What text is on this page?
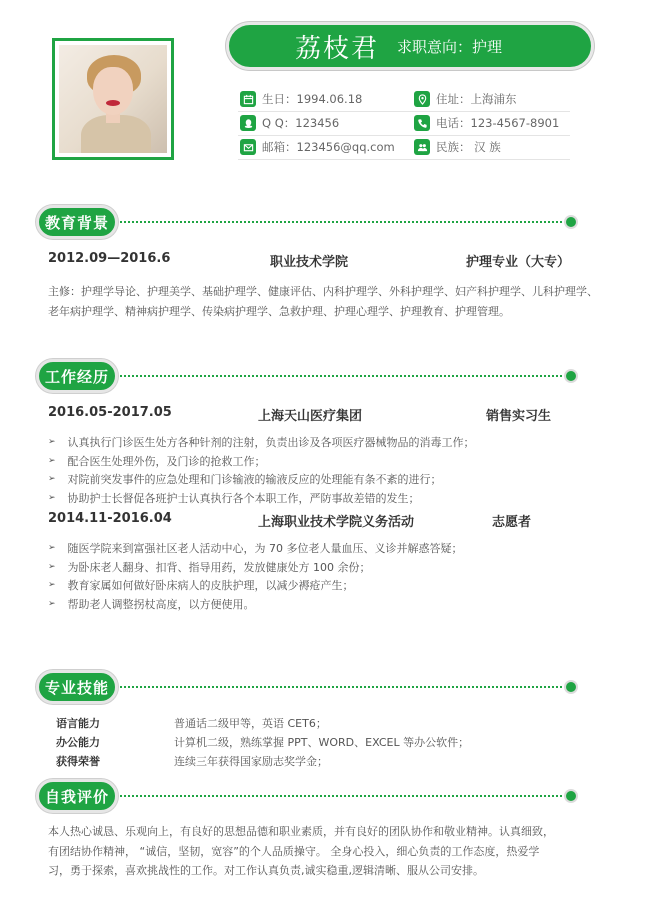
荔枝君 求职意向：护理
生日：1994.06.18	住址：上海浦东
Q Q：123456	电话：123-4567-8901
邮箱：123456@qq.com	民族： 汉 族
教育背景
2012.09—2016.6	职业技术学院	护理专业（大专）
主修：护理学导论、护理美学、基础护理学、健康评估、内科护理学、外科护理学、妇产科护理学、儿科护理学、
老年病护理学、精神病护理学、传染病护理学、急救护理、护理心理学、护理教育、护理管理。
工作经历
2016.05-2017.05	上海天山医疗集团	销售实习生
➢ 认真执行门诊医生处方各种针剂的注射，负责出诊及各项医疗器械物品的消毒工作；
➢ 配合医生处理外伤，及门诊的抢救工作；
➢ 对院前突发事件的应急处理和门诊输液的输液反应的处理能有条不紊的进行；
➢ 协助护士长督促各班护士认真执行各个本职工作，严防事故差错的发生；
2014.11-2016.04	上海职业技术学院义务活动	志愿者
➢ 随医学院来到富强社区老人活动中心，为 70 多位老人量血压、义诊并解惑答疑；
➢ 为卧床老人翻身、扣背、指导用药，发放健康处方 100 余份；
➢ 教育家属如何做好卧床病人的皮肤护理，以减少褥疮产生；
➢ 帮助老人调整拐杖高度，以方便使用。
专业技能
语言能力	普通话二级甲等，英语 CET6；
办公能力	计算机二级，熟练掌握 PPT、WORD、EXCEL 等办公软件；
获得荣誉	连续三年获得国家励志奖学金；
自我评价
本人热心诚恳、乐观向上，有良好的思想品德和职业素质，并有良好的团队协作和敬业精神。认真细致，
有团结协作精神， “诚信，坚韧，宽容”的个人品质操守。 全身心投入，细心负责的工作态度，热爱学
习，勇于探索，喜欢挑战性的工作。对工作认真负责,诚实稳重,逻辑清晰、服从公司安排。
